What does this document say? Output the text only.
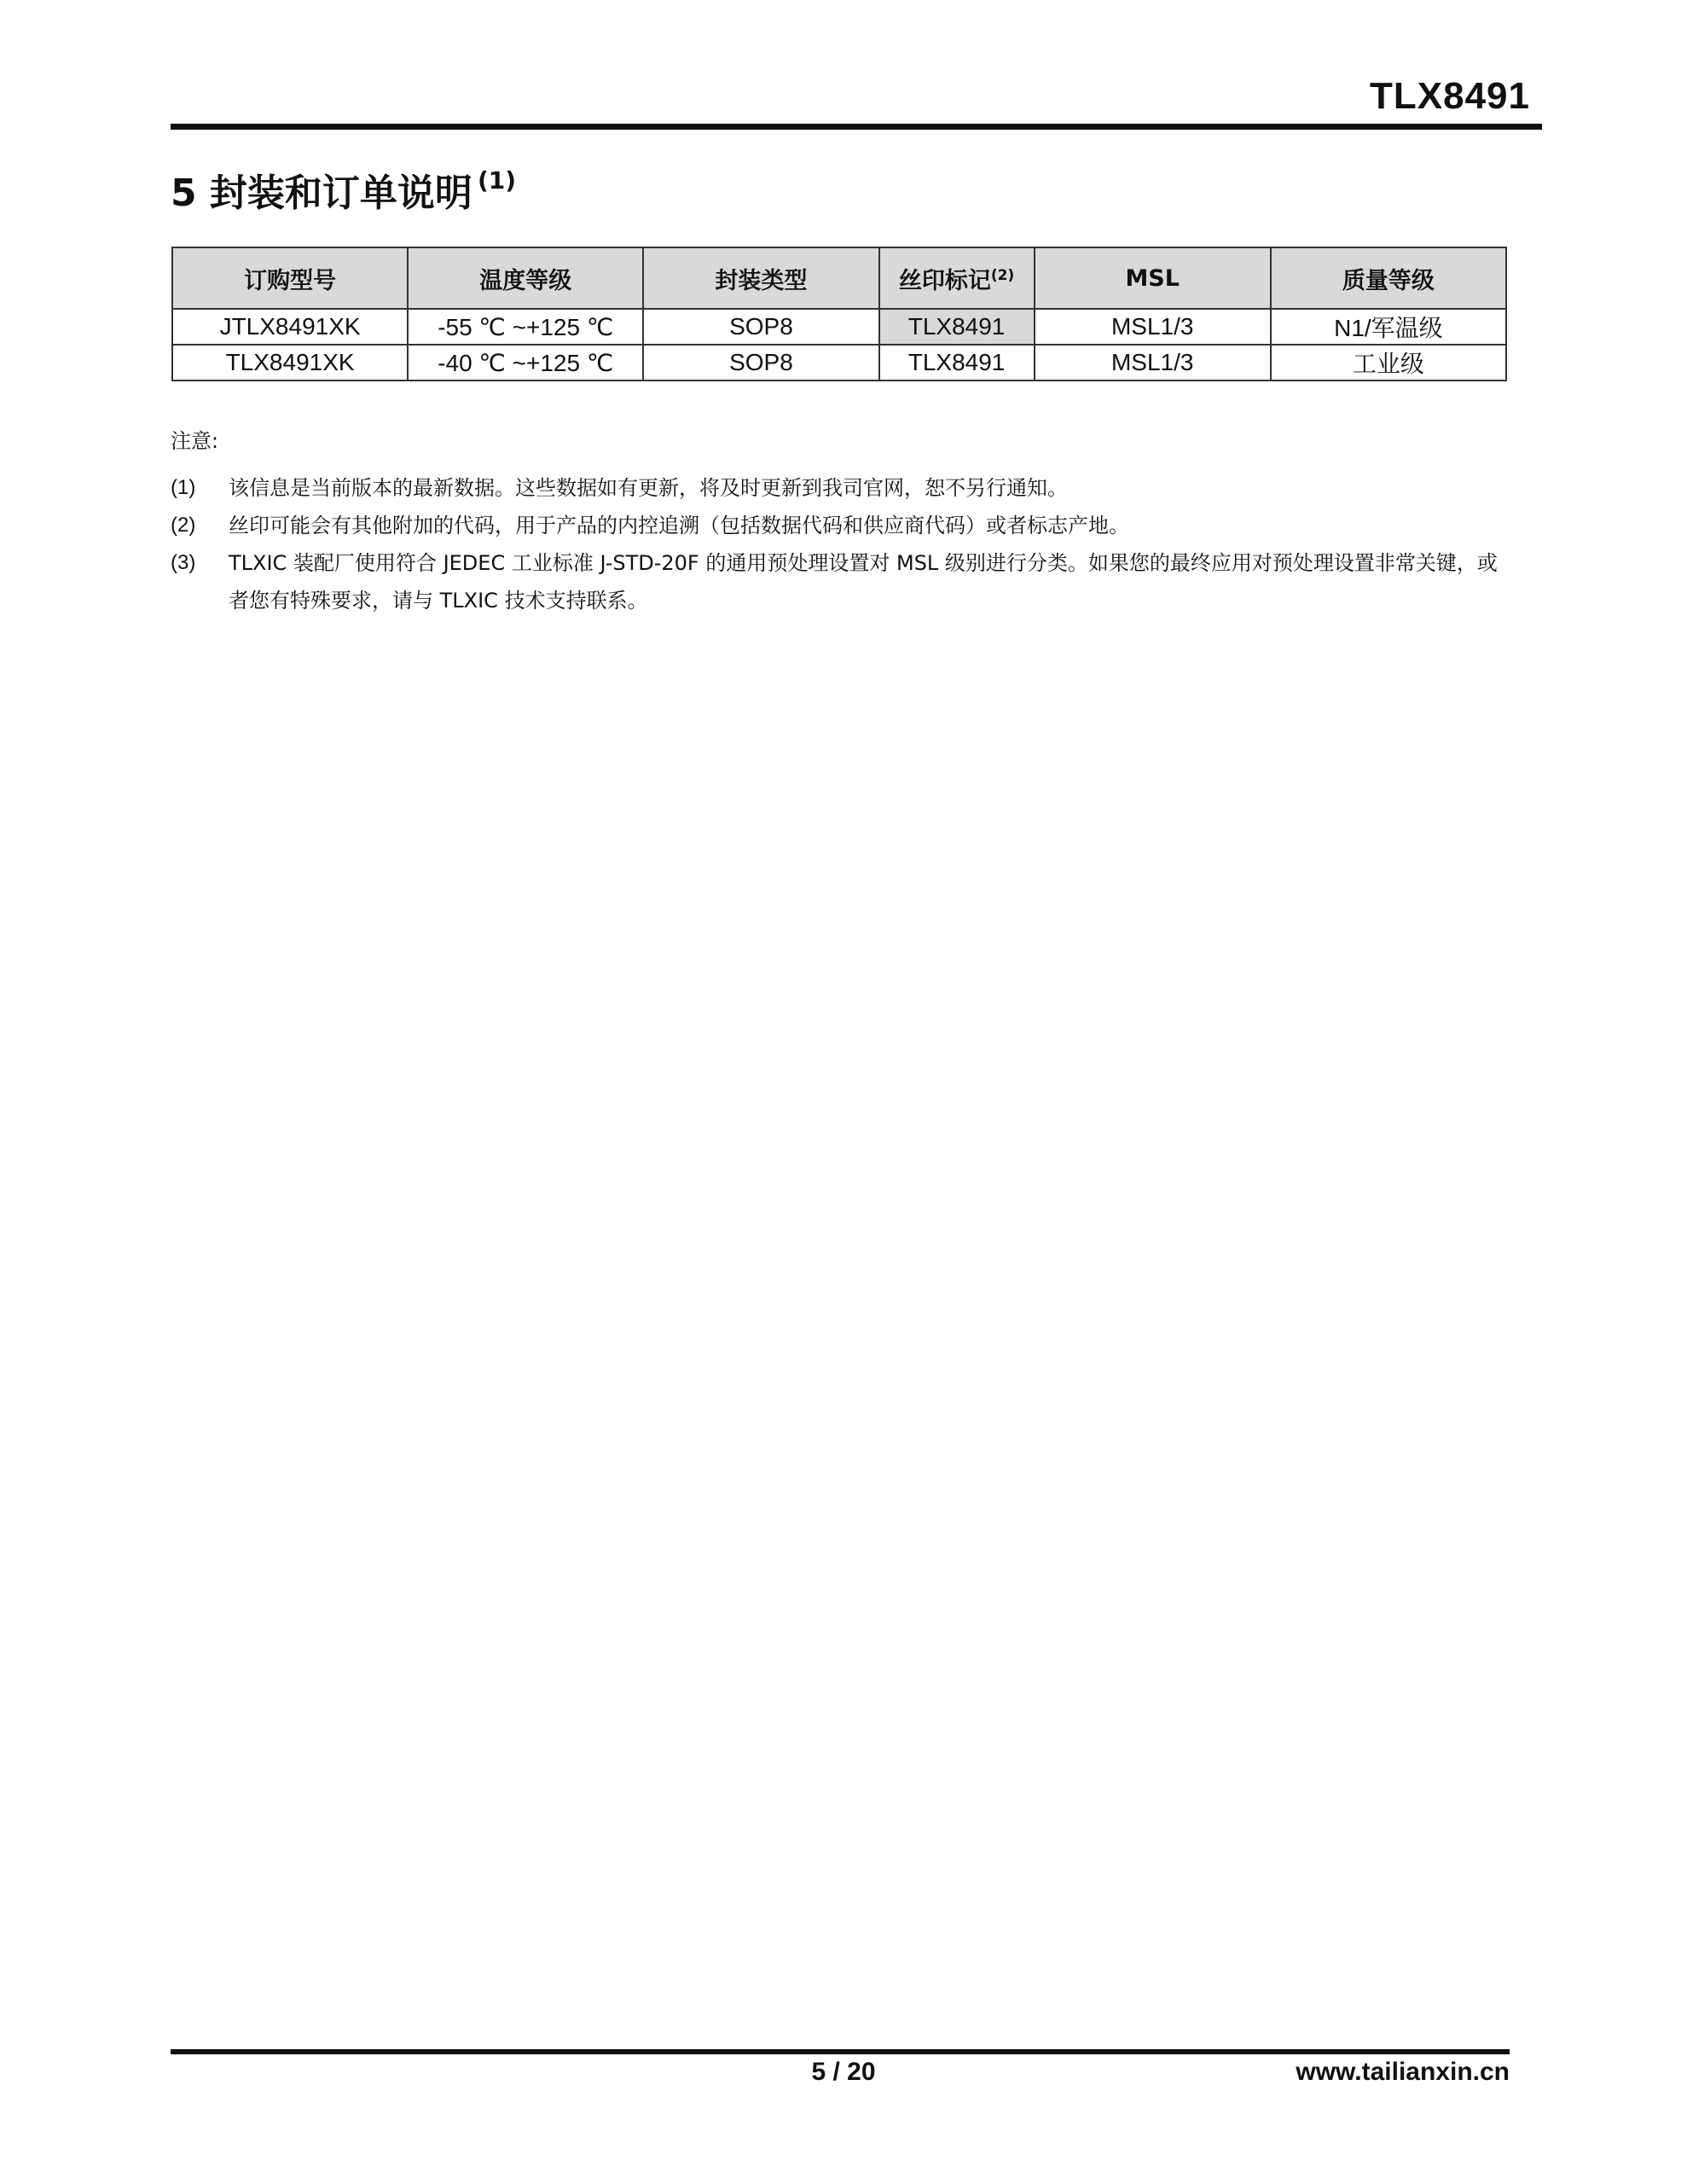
TLX8491
5 封装和订单说明 $^{(1)}$
订购型号	温度等级	封装类型	丝印标记$^{(2)}$	MSL	质量等级
JTLX8491XK	-55 ℃ ~+125 ℃	SOP8	TLX8491	MSL1/3	N1/军温级
TLX8491XK	-40 ℃ ~+125 ℃	SOP8	TLX8491	MSL1/3	工业级
注意:
(1)	该信息是当前版本的最新数据。这些数据如有更新，将及时更新到我司官网，恕不另行通知。
(2)	丝印可能会有其他附加的代码，用于产品的内控追溯（包括数据代码和供应商代码）或者标志产地。
(3)	TLXIC 装配厂使用符合 JEDEC 工业标准 J-STD-20F 的通用预处理设置对 MSL 级别进行分类。如果您的最终应用对预处理设置非常关键，或者您有特殊要求，请与 TLXIC 技术支持联系。
5 / 20	www.tailianxin.cn
